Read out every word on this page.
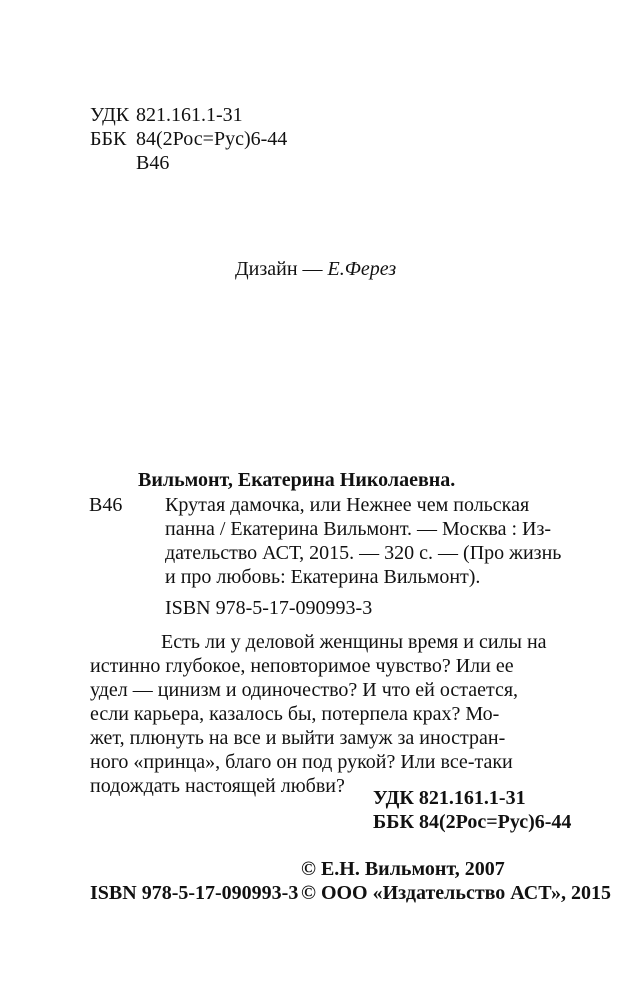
УДК 821.161.1-31
ББК 84(2Рос=Рус)6-44
В46
Дизайн — Е.Ферез
Вильмонт, Екатерина Николаевна.
В46 Крутая дамочка, или Нежнее чем польская
панна / Екатерина Вильмонт. — Москва : Из-
дательство АСТ, 2015. — 320 с. — (Про жизнь
и про любовь: Екатерина Вильмонт).
ISBN 978-5-17-090993-3
Есть ли у деловой женщины время и силы на
истинно глубокое, неповторимое чувство? Или ее
удел — цинизм и одиночество? И что ей остается,
если карьера, казалось бы, потерпела крах? Мо-
жет, плюнуть на все и выйти замуж за иностран-
ного «принца», благо он под рукой? Или все-таки
подождать настоящей любви?
УДК 821.161.1-31
ББК 84(2Рос=Рус)6-44
© Е.Н. Вильмонт, 2007
© ООО «Издательство АСТ», 2015
ISBN 978-5-17-090993-3
